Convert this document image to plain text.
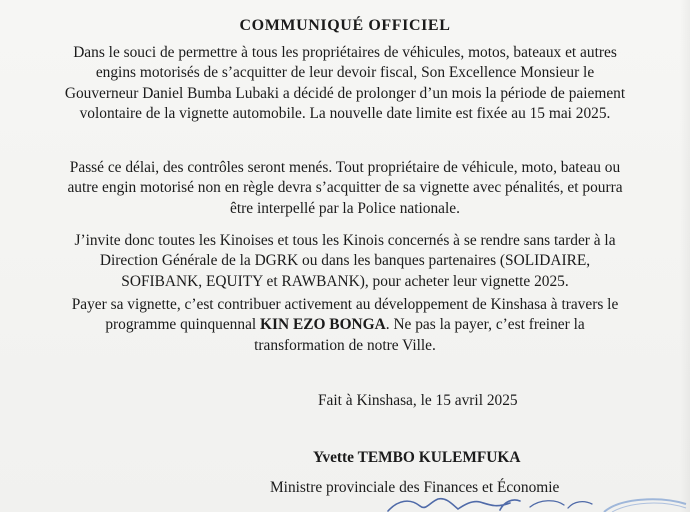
COMMUNIQUÉ OFFICIEL
Dans le souci de permettre à tous les propriétaires de véhicules, motos, bateaux et autres engins motorisés de s’acquitter de leur devoir fiscal, Son Excellence Monsieur le Gouverneur Daniel Bumba Lubaki a décidé de prolonger d’un mois la période de paiement volontaire de la vignette automobile. La nouvelle date limite est fixée au 15 mai 2025.
Passé ce délai, des contrôles seront menés. Tout propriétaire de véhicule, moto, bateau ou autre engin motorisé non en règle devra s’acquitter de sa vignette avec pénalités, et pourra être interpellé par la Police nationale.
J’invite donc toutes les Kinoises et tous les Kinois concernés à se rendre sans tarder à la Direction Générale de la DGRK ou dans les banques partenaires (SOLIDAIRE, SOFIBANK, EQUITY et RAWBANK), pour acheter leur vignette 2025.
Payer sa vignette, c’est contribuer activement au développement de Kinshasa à travers le programme quinquennal KIN EZO BONGA. Ne pas la payer, c’est freiner la transformation de notre Ville.
Fait à Kinshasa, le 15 avril 2025
Yvette TEMBO KULEMFUKA
Ministre provinciale des Finances et Économie
